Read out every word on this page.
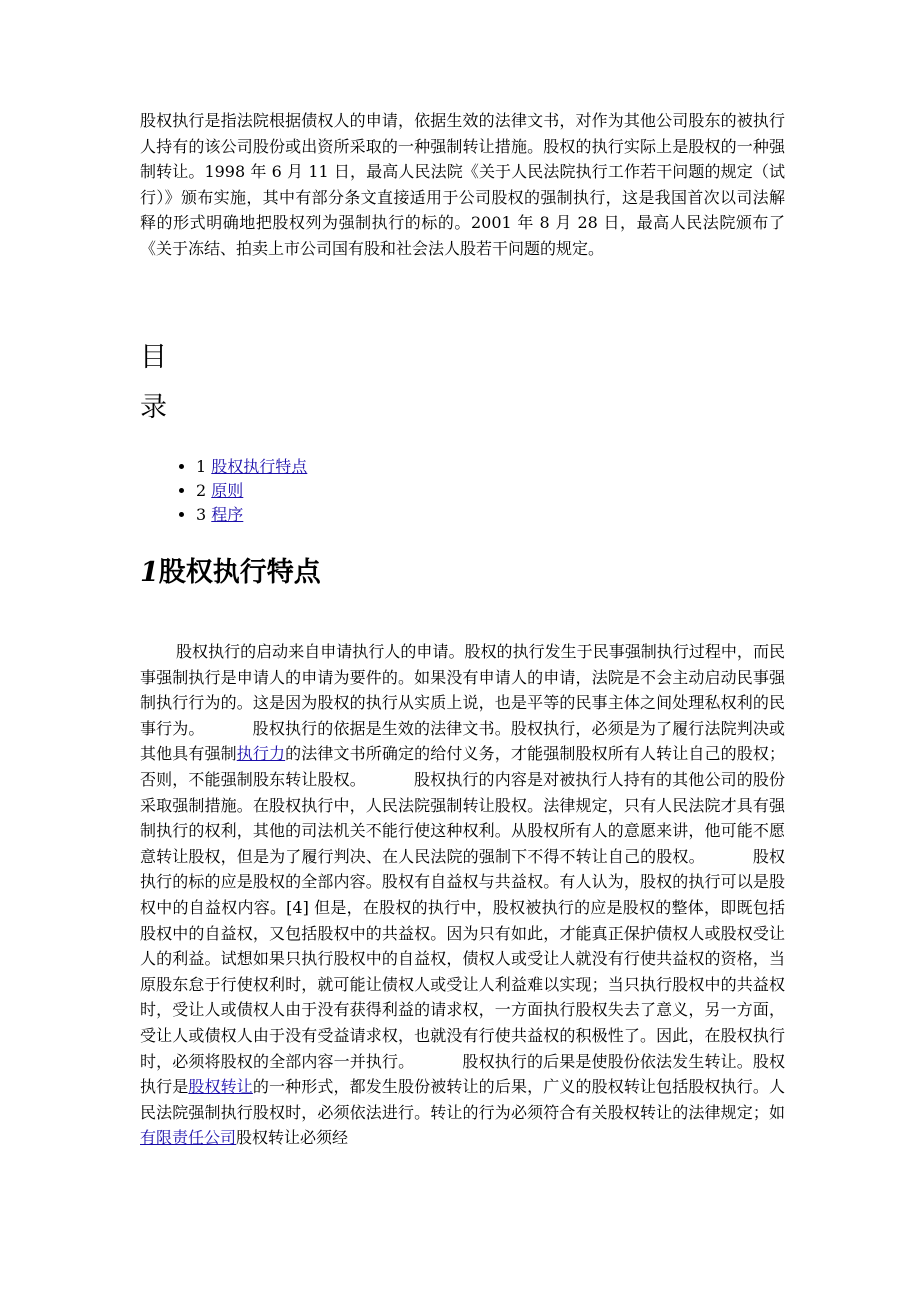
股权执行是指法院根据债权人的申请，依据生效的法律文书，对作为其他公司股东的被执行人持有的该公司股份或出资所采取的一种强制转让措施。股权的执行实际上是股权的一种强制转让。1998 年 6 月 11 日，最高人民法院《关于人民法院执行工作若干问题的规定（试行）》颁布实施，其中有部分条文直接适用于公司股权的强制执行，这是我国首次以司法解释的形式明确地把股权列为强制执行的标的。2001 年 8 月 28 日，最高人民法院颁布了《关于冻结、拍卖上市公司国有股和社会法人股若干问题的规定。

目
录
• 1 股权执行特点
• 2 原则
• 3 程序
1股权执行特点

股权执行的启动来自申请执行人的申请。股权的执行发生于民事强制执行过程中，而民事强制执行是申请人的申请为要件的。如果没有申请人的申请，法院是不会主动启动民事强制执行行为的。这是因为股权的执行从实质上说，也是平等的民事主体之间处理私权利的民事行为。	股权执行的依据是生效的法律文书。股权执行，必须是为了履行法院判决或其他具有强制执行力的法律文书所确定的给付义务，才能强制股权所有人转让自己的股权；否则，不能强制股东转让股权。	股权执行的内容是对被执行人持有的其他公司的股份采取强制措施。在股权执行中，人民法院强制转让股权。法律规定，只有人民法院才具有强制执行的权利，其他的司法机关不能行使这种权利。从股权所有人的意愿来讲，他可能不愿意转让股权，但是为了履行判决、在人民法院的强制下不得不转让自己的股权。	股权执行的标的应是股权的全部内容。股权有自益权与共益权。有人认为，股权的执行可以是股权中的自益权内容。[4] 但是，在股权的执行中，股权被执行的应是股权的整体，即既包括股权中的自益权，又包括股权中的共益权。因为只有如此，才能真正保护债权人或股权受让人的利益。试想如果只执行股权中的自益权，债权人或受让人就没有行使共益权的资格，当原股东怠于行使权利时，就可能让债权人或受让人利益难以实现；当只执行股权中的共益权时，受让人或债权人由于没有获得利益的请求权，一方面执行股权失去了意义，另一方面，受让人或债权人由于没有受益请求权，也就没有行使共益权的积极性了。因此，在股权执行时，必须将股权的全部内容一并执行。	股权执行的后果是使股份依法发生转让。股权执行是股权转让的一种形式，都发生股份被转让的后果，广义的股权转让包括股权执行。人民法院强制执行股权时，必须依法进行。转让的行为必须符合有关股权转让的法律规定；如有限责任公司股权转让必须经
